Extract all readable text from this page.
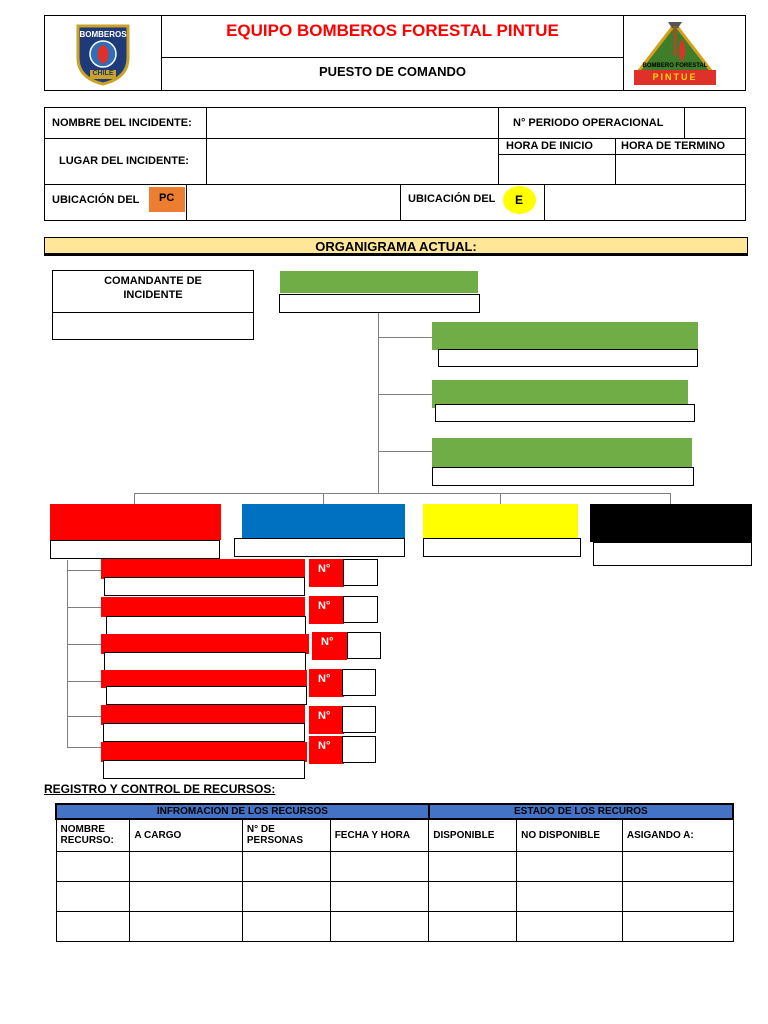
BOMBEROS
CHILE
EQUIPO BOMBEROS FORESTAL PINTUE
PUESTO DE COMANDO	BOMBERO FORESTAL
PINTUE
NOMBRE DEL INCIDENTE:	N° PERIODO OPERACIONAL
HORA DE INICIO	HORA DE TERMINO
LUGAR DEL INCIDENTE:
UBICACIÓN DEL PC	UBICACIÓN DEL E
ORGANIGRAMA ACTUAL:
COMANDANTE DE INCIDENTE
N°
N°
N°
N°
N°
N°
REGISTRO Y CONTROL DE RECURSOS:
INFROMACION DE LOS RECURSOS				ESTADO DE LOS RECUROS		
NOMBRE RECURSO:	A CARGO	N° DE PERSONAS	FECHA Y HORA	DISPONIBLE	NO DISPONIBLE	ASIGANDO A:
